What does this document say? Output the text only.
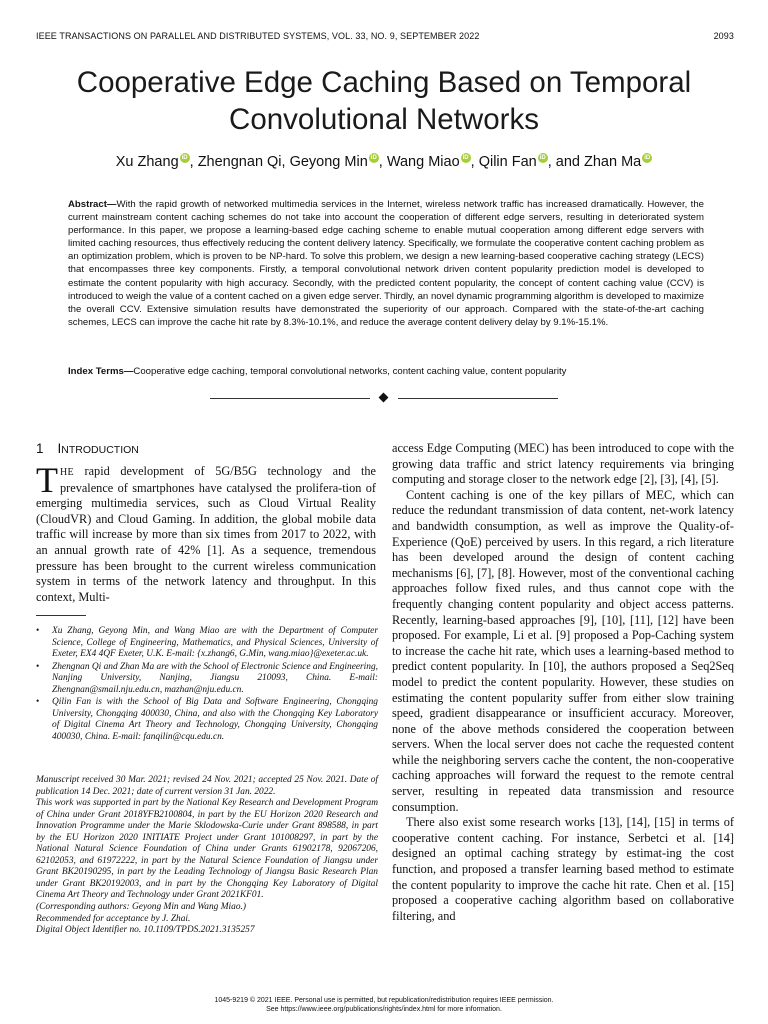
IEEE TRANSACTIONS ON PARALLEL AND DISTRIBUTED SYSTEMS, VOL. 33, NO. 9, SEPTEMBER 2022	2093
Cooperative Edge Caching Based on Temporal
Convolutional Networks
Xu Zhang iD , Zhengnan Qi, Geyong Min iD , Wang Miao iD , Qilin Fan iD , and Zhan Ma iD
Abstract—With the rapid growth of networked multimedia services in the Internet, wireless network traffic has increased dramatically. However, the current mainstream content caching schemes do not take into account the cooperation of different edge servers, resulting in deteriorated system performance. In this paper, we propose a learning-based edge caching scheme to enable mutual cooperation among different edge servers with limited caching resources, thus effectively reducing the content delivery latency. Specifically, we formulate the cooperative content caching problem as an optimization problem, which is proven to be NP-hard. To solve this problem, we design a new learning-based cooperative caching strategy (LECS) that encompasses three key components. Firstly, a temporal convolutional network driven content popularity prediction model is developed to estimate the content popularity with high accuracy. Secondly, with the predicted content popularity, the concept of content caching value (CCV) is introduced to weigh the value of a content cached on a given edge server. Thirdly, an novel dynamic programming algorithm is developed to maximize the overall CCV. Extensive simulation results have demonstrated the superiority of our approach. Compared with the state-of-the-art caching schemes, LECS can improve the cache hit rate by 8.3%-10.1%, and reduce the average content delivery delay by 9.1%-15.1%.
Index Terms—Cooperative edge caching, temporal convolutional networks, content caching value, content popularity
1 INTRODUCTION

THE rapid development of 5G/B5G technology and the prevalence of smartphones have catalysed the prolifera-tion of emerging multimedia services, such as Cloud Virtual Reality (CloudVR) and Cloud Gaming. In addition, the global mobile data traffic will increase by more than six times from 2017 to 2022, with an annual growth rate of 42% [1]. As a sequence, tremendous pressure has been brought to the current wireless communication system in terms of the network latency and throughput. In this context, Multi-

• Xu Zhang, Geyong Min, and Wang Miao are with the Department of Computer Science, College of Engineering, Mathematics, and Physical Sciences, University of Exeter, EX4 4QF Exeter, U.K. E-mail: {x.zhang6, G.Min, wang.miao}@exeter.ac.uk.
• Zhengnan Qi and Zhan Ma are with the School of Electronic Science and Engineering, Nanjing University, Nanjing, Jiangsu 210093, China. E-mail: Zhengnan@smail.nju.edu.cn, mazhan@nju.edu.cn.
• Qilin Fan is with the School of Big Data and Software Engineering, Chongqing University, Chongqing 400030, China, and also with the Chongqing Key Laboratory of Digital Cinema Art Theory and Technology, Chongqing University, Chongqing 400030, China. E-mail: fanqilin@cqu.edu.cn.

Manuscript received 30 Mar. 2021; revised 24 Nov. 2021; accepted 25 Nov. 2021. Date of publication 14 Dec. 2021; date of current version 31 Jan. 2022.

This work was supported in part by the National Key Research and Development Program of China under Grant 2018YFB2100804, in part by the EU Horizon 2020 Research and Innovation Programme under the Marie Sklodowska-Curie under Grant 898588, in part by the EU Horizon 2020 INITIATE Project under Grant 101008297, in part by the National Natural Science Foundation of China under Grants 61902178, 92067206, 62102053, and 61972222, in part by the Natural Science Foundation of Jiangsu under Grant BK20190295, in part by the Leading Technology of Jiangsu Basic Research Plan under Grant BK20192003, and in part by the Chongqing Key Laboratory of Digital Cinema Art Theory and Technology under Grant 2021KF01.

(Corresponding authors: Geyong Min and Wang Miao.)

Recommended for acceptance by J. Zhai.

Digital Object Identifier no. 10.1109/TPDS.2021.3135257

access Edge Computing (MEC) has been introduced to cope with the growing data traffic and strict latency requirements via bringing computing and storage closer to the network edge [2], [3], [4], [5].

Content caching is one of the key pillars of MEC, which can reduce the redundant transmission of data content, net-work latency and bandwidth consumption, as well as improve the Quality-of-Experience (QoE) perceived by users. In this regard, a rich literature has been developed around the design of content caching mechanisms [6], [7], [8]. However, most of the conventional caching approaches follow fixed rules, and thus cannot cope with the frequently changing content popularity and object access patterns. Recently, learning-based approaches [9], [10], [11], [12] have been proposed. For example, Li et al. [9] proposed a Pop-Caching system to increase the cache hit rate, which uses a learning-based method to predict content popularity. In [10], the authors proposed a Seq2Seq model to predict the content popularity. However, these studies on estimating the content popularity suffer from either slow training speed, gradient disappearance or insufficient accuracy. Moreover, none of the above methods considered the cooperation between servers. When the local server does not cache the requested content while the neighboring servers cache the content, the non-cooperative caching approaches will forward the request to the remote central server, resulting in repeated data transmission and resource consumption.

There also exist some research works [13], [14], [15] in terms of cooperative content caching. For instance, Serbetci et al. [14] designed an optimal caching strategy by estimat-ing the cost function, and proposed a transfer learning based method to estimate the content popularity to improve the cache hit rate. Chen et al. [15] proposed a cooperative caching algorithm based on collaborative filtering, and

1045-9219 © 2021 IEEE. Personal use is permitted, but republication/redistribution requires IEEE permission.
See https://www.ieee.org/publications/rights/index.html for more information.
